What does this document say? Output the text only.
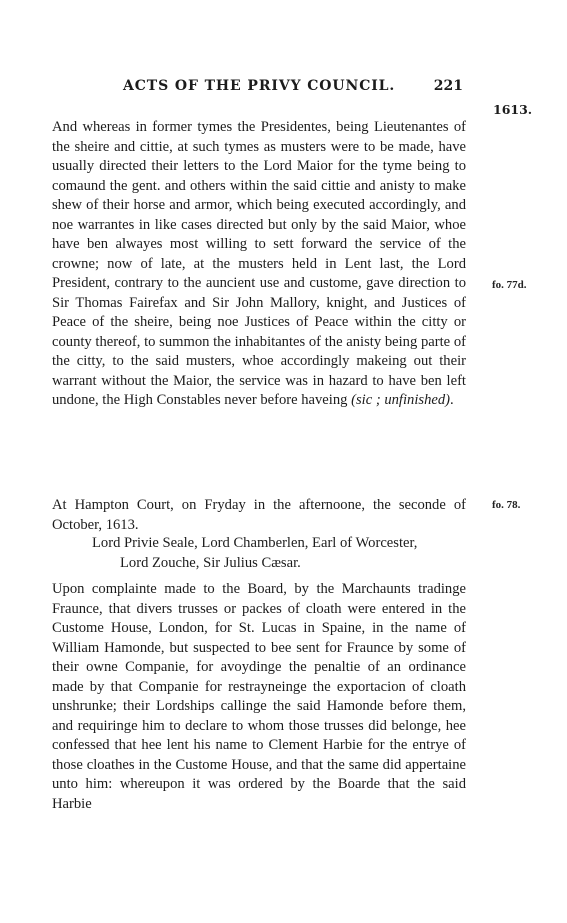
ACTS OF THE PRIVY COUNCIL.	221
1613.

And whereas in former tymes the Presidentes, being Lieutenantes of the sheire and cittie, at such tymes as musters were to be made, have usually directed their letters to the Lord Maior for the tyme being to comaund the gent. and others within the said cittie and anisty to make shew of their horse and armor, which being executed accordingly, and noe warrantes in like cases directed but only by the said Maior, whoe have ben alwayes most willing to sett forward the service of the crowne; now of late, at the musters held in Lent last, the Lord President, contrary to the auncient use and custome, gave direction to Sir Thomas Fairefax and Sir John Mallory, knight, and Justices of Peace of the sheire, being noe Justices of Peace within the citty or county thereof, to summon the inhabitantes of the anisty being parte of the citty, to the said musters, whoe accordingly makeing out their warrant without the Maior, the service was in hazard to have ben left undone, the High Constables never before haveing (sic ; unfinished).

fo. 77d.

At Hampton Court, on Fryday in the afternoone, the seconde of October, 1613.

fo. 78.
Lord Privie Seale, Lord Chamberlen, Earl of Worcester,
Lord Zouche, Sir Julius Cæsar.

Upon complainte made to the Board, by the Marchaunts tradinge Fraunce, that divers trusses or packes of cloath were entered in the Custome House, London, for St. Lucas in Spaine, in the name of William Hamonde, but suspected to bee sent for Fraunce by some of their owne Companie, for avoydinge the penaltie of an ordinance made by that Companie for restrayneinge the exportacion of cloath unshrunke; their Lordships callinge the said Hamonde before them, and requiringe him to declare to whom those trusses did belonge, hee confessed that hee lent his name to Clement Harbie for the entrye of those cloathes in the Custome House, and that the same did appertaine unto him: whereupon it was ordered by the Boarde that the said Harbie
